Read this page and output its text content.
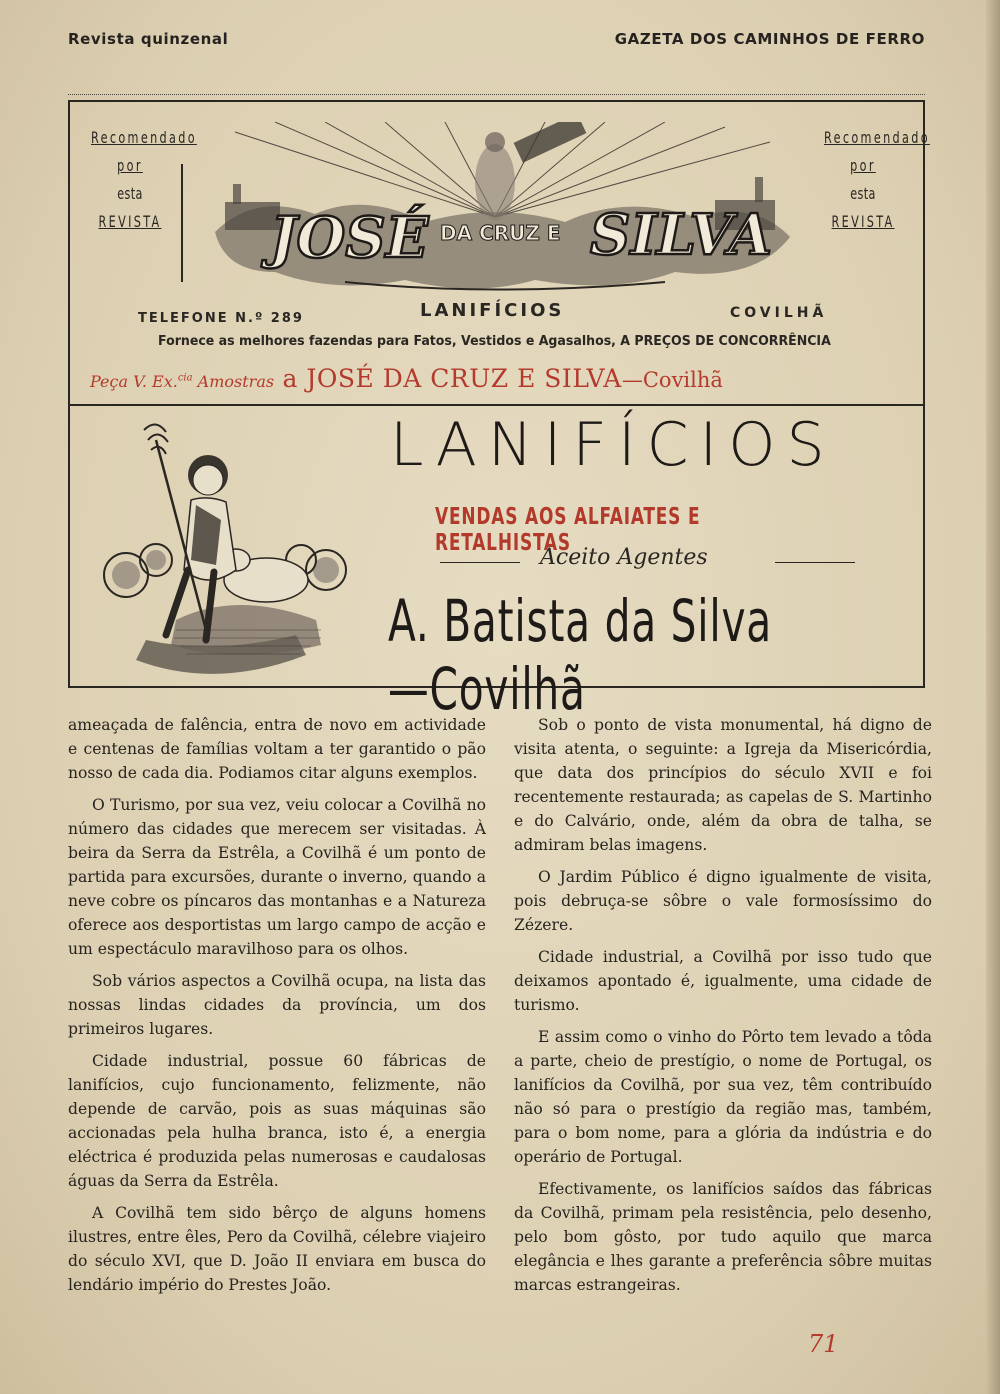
Revista quinzenal	GAZETA DOS CAMINHOS DE FERRO
Recomendado
por
esta
REVISTA
Recomendado
por
esta
REVISTA
JOSÉ	SILVA
DA CRUZ E
TELEFONE N.º 289	LANIFÍCIOS	COVILHÃ
Fornece as melhores fazendas para Fatos, Vestidos e Agasalhos, A PREÇOS DE CONCORRÊNCIA
Peça V. Ex.$^{cia}$ Amostras a JOSÉ DA CRUZ E SILVA—Covilhã
LANIFÍCIOS
VENDAS AOS ALFAIATES E RETALHISTAS
Aceito Agentes
A. Batista da Silva—Covilhã

ameaçada de falência, entra de novo em actividade e centenas de famílias voltam a ter garantido o pão nosso de cada dia. Podiamos citar alguns exemplos.

O Turismo, por sua vez, veiu colocar a Covilhã no número das cidades que merecem ser visitadas. À beira da Serra da Estrêla, a Covilhã é um ponto de partida para excursões, durante o inverno, quando a neve cobre os píncaros das montanhas e a Natureza oferece aos desportistas um largo campo de acção e um espectáculo maravilhoso para os olhos.

Sob vários aspectos a Covilhã ocupa, na lista das nossas lindas cidades da província, um dos primeiros lugares.

Cidade industrial, possue 60 fábricas de lanifícios, cujo funcionamento, felizmente, não depende de carvão, pois as suas máquinas são accionadas pela hulha branca, isto é, a energia eléctrica é produzida pelas numerosas e caudalosas águas da Serra da Estrêla.

A Covilhã tem sido bêrço de alguns homens ilustres, entre êles, Pero da Covilhã, célebre viajeiro do século XVI, que D. João II enviara em busca do lendário império do Prestes João.

Sob o ponto de vista monumental, há digno de visita atenta, o seguinte: a Igreja da Misericórdia, que data dos princípios do século XVII e foi recentemente restaurada; as capelas de S. Martinho e do Calvário, onde, além da obra de talha, se admiram belas imagens.

O Jardim Público é digno igualmente de visita, pois debruça-se sôbre o vale formosíssimo do Zézere.

Cidade industrial, a Covilhã por isso tudo que deixamos apontado é, igualmente, uma cidade de turismo.

E assim como o vinho do Pôrto tem levado a tôda a parte, cheio de prestígio, o nome de Portugal, os lanifícios da Covilhã, por sua vez, têm contribuído não só para o prestígio da região mas, também, para o bom nome, para a glória da indústria e do operário de Portugal.

Efectivamente, os lanifícios saídos das fábricas da Covilhã, primam pela resistência, pelo desenho, pelo bom gôsto, por tudo aquilo que marca elegância e lhes garante a preferência sôbre muitas marcas estrangeiras.

71
